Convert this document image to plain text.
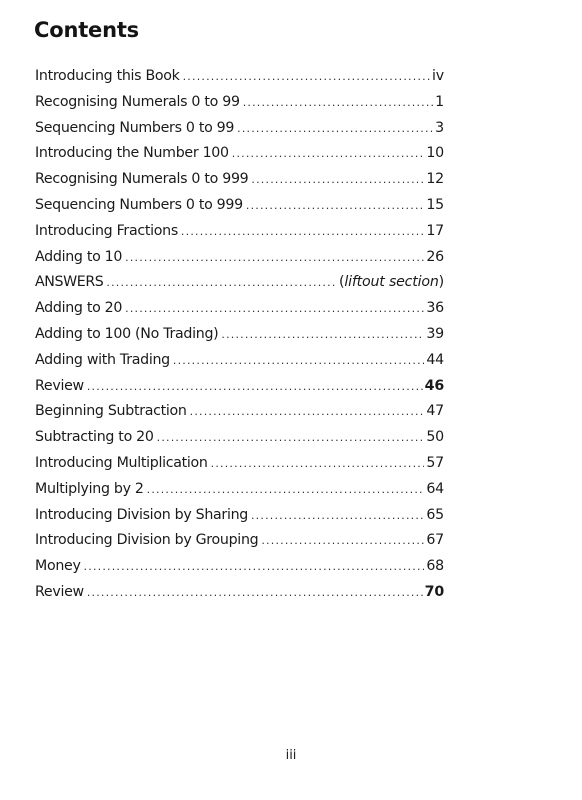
Contents
Introducing this Book .....	iv
Recognising Numerals 0 to 99 .....	1
Sequencing Numbers 0 to 99 .....	3
Introducing the Number 100 .....	10
Recognising Numerals 0 to 999 .....	12
Sequencing Numbers 0 to 999 .....	15
Introducing Fractions .....	17
Adding to 10 .....	26
ANSWERS .....	(liftout section)
Adding to 20 .....	36
Adding to 100 (No Trading) .....	39
Adding with Trading .....	44
Review .....	46
Beginning Subtraction .....	47
Subtracting to 20 .....	50
Introducing Multiplication .....	57
Multiplying by 2 .....	64
Introducing Division by Sharing .....	65
Introducing Division by Grouping .....	67
Money .....	68
Review .....	70
iii
